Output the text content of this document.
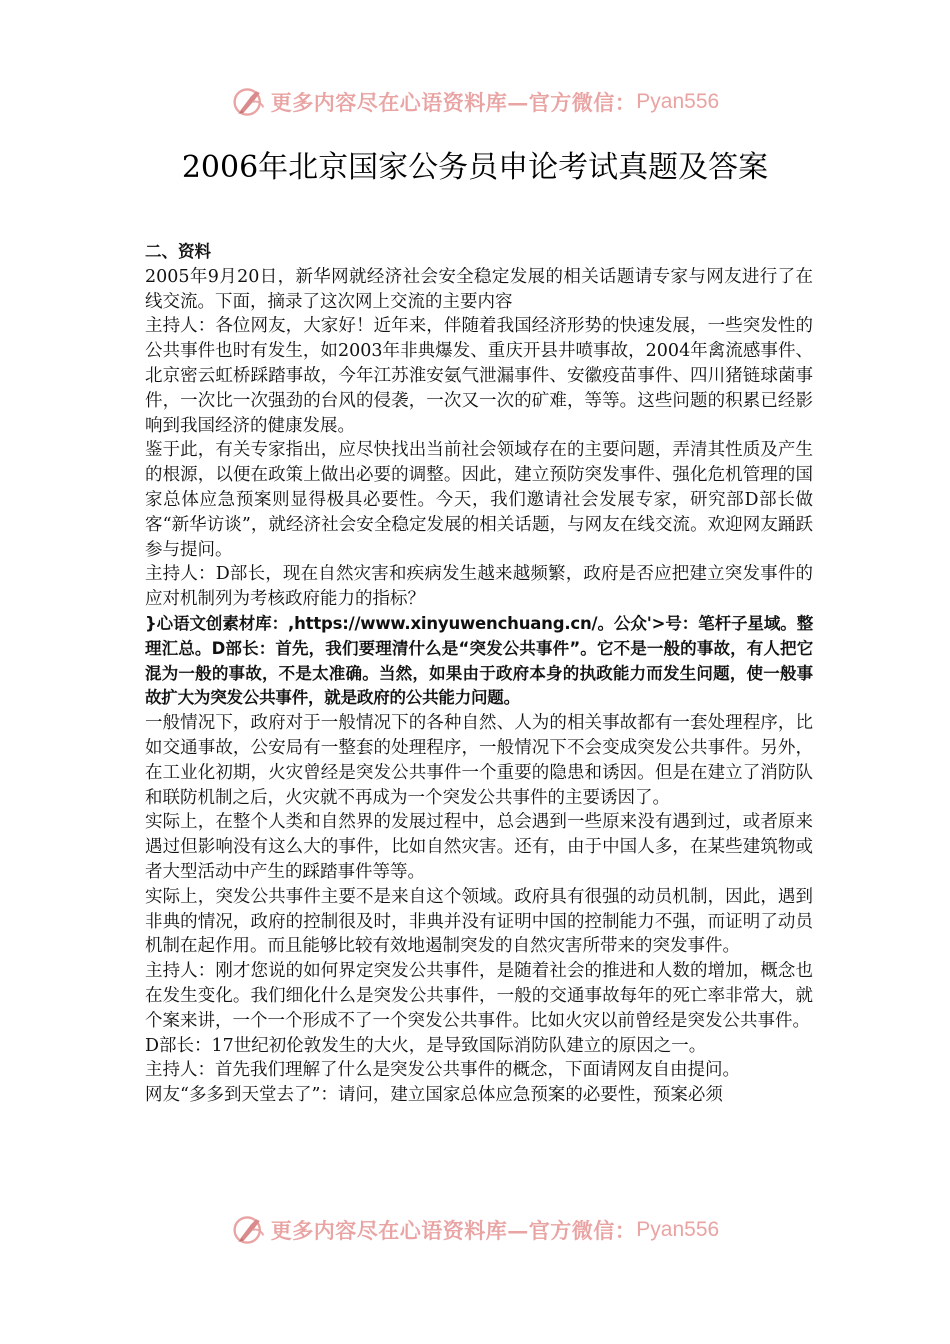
更多内容尽在心语资料库—官方微信： Pyan556
2006年北京国家公务员申论考试真题及答案

二、资料

2005年9月20日，新华网就经济社会安全稳定发展的相关话题请专家与网友进行了在线交流。下面，摘录了这次网上交流的主要内容

主持人：各位网友，大家好！近年来，伴随着我国经济形势的快速发展，一些突发性的公共事件也时有发生，如2003年非典爆发、重庆开县井喷事故，2004年禽流感事件、北京密云虹桥踩踏事故，今年江苏淮安氨气泄漏事件、安徽疫苗事件、四川猪链球菌事件，一次比一次强劲的台风的侵袭，一次又一次的矿难，等等。这些问题的积累已经影响到我国经济的健康发展。

鉴于此，有关专家指出，应尽快找出当前社会领域存在的主要问题，弄清其性质及产生的根源，以便在政策上做出必要的调整。因此，建立预防突发事件、强化危机管理的国家总体应急预案则显得极具必要性。今天，我们邀请社会发展专家，研究部D部长做客“新华访谈”，就经济社会安全稳定发展的相关话题，与网友在线交流。欢迎网友踊跃参与提问。

主持人：D部长，现在自然灾害和疾病发生越来越频繁，政府是否应把建立突发事件的应对机制列为考核政府能力的指标？

}心语文创素材库：,https://www.xinyuwenchuang.cn/。公众'>号：笔杆子星域。整理汇总。D部长：首先，我们要理清什么是“突发公共事件”。它不是一般的事故，有人把它混为一般的事故，不是太准确。当然，如果由于政府本身的执政能力而发生问题，使一般事故扩大为突发公共事件，就是政府的公共能力问题。

一般情况下，政府对于一般情况下的各种自然、人为的相关事故都有一套处理程序，比如交通事故，公安局有一整套的处理程序，一般情况下不会变成突发公共事件。另外，在工业化初期，火灾曾经是突发公共事件一个重要的隐患和诱因。但是在建立了消防队和联防机制之后，火灾就不再成为一个突发公共事件的主要诱因了。

实际上，在整个人类和自然界的发展过程中，总会遇到一些原来没有遇到过，或者原来遇过但影响没有这么大的事件，比如自然灾害。还有，由于中国人多，在某些建筑物或者大型活动中产生的踩踏事件等等。

实际上，突发公共事件主要不是来自这个领域。政府具有很强的动员机制，因此，遇到非典的情况，政府的控制很及时，非典并没有证明中国的控制能力不强，而证明了动员机制在起作用。而且能够比较有效地遏制突发的自然灾害所带来的突发事件。

主持人：刚才您说的如何界定突发公共事件，是随着社会的推进和人数的增加，概念也在发生变化。我们细化什么是突发公共事件，一般的交通事故每年的死亡率非常大，就个案来讲，一个一个形成不了一个突发公共事件。比如火灾以前曾经是突发公共事件。

D部长：17世纪初伦敦发生的大火，是导致国际消防队建立的原因之一。

主持人：首先我们理解了什么是突发公共事件的概念，下面请网友自由提问。

网友“多多到天堂去了”：请问，建立国家总体应急预案的必要性，预案必须

更多内容尽在心语资料库—官方微信： Pyan556
